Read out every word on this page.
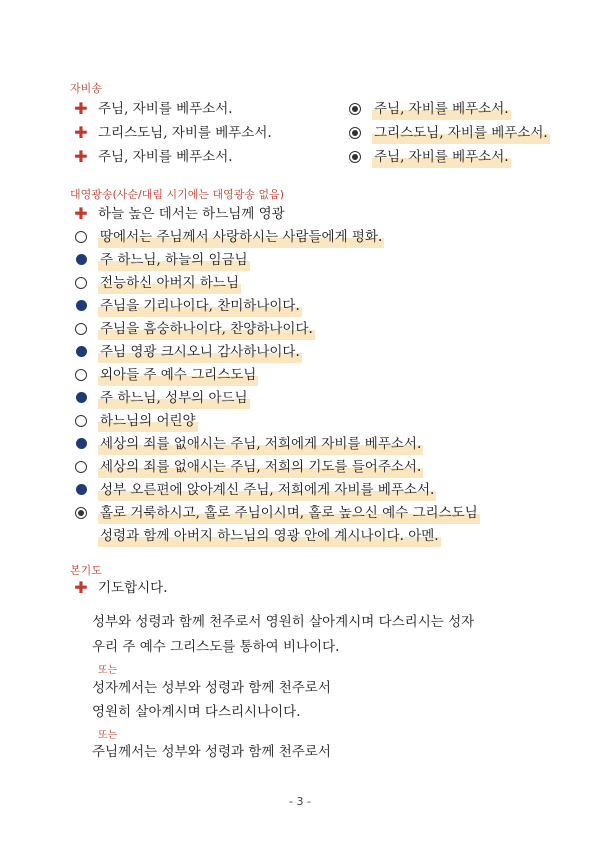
자비송
✚ 주님, 자비를 베푸소서.	주님, 자비를 베푸소서.
✚ 그리스도님, 자비를 베푸소서.	그리스도님, 자비를 베푸소서.
✚ 주님, 자비를 베푸소서.	주님, 자비를 베푸소서.
대영광송(사순/대림 시기에는 대영광송 없음)
✚ 하늘 높은 데서는 하느님께 영광
땅에서는 주님께서 사랑하시는 사람들에게 평화.
주 하느님, 하늘의 임금님
전능하신 아버지 하느님
주님을 기리나이다, 찬미하나이다.
주님을 흠숭하나이다, 찬양하나이다.
주님 영광 크시오니 감사하나이다.
외아들 주 예수 그리스도님
주 하느님, 성부의 아드님
하느님의 어린양
세상의 죄를 없애시는 주님, 저희에게 자비를 베푸소서.
세상의 죄를 없애시는 주님, 저희의 기도를 들어주소서.
성부 오른편에 앉아계신 주님, 저희에게 자비를 베푸소서.
홀로 거룩하시고, 홀로 주님이시며, 홀로 높으신 예수 그리스도님
성령과 함께 아버지 하느님의 영광 안에 계시나이다. 아멘.
본기도
✚ 기도합시다.
성부와 성령과 함께 천주로서 영원히 살아계시며 다스리시는 성자
우리 주 예수 그리스도를 통하여 비나이다.
또는
성자께서는 성부와 성령과 함께 천주로서
영원히 살아계시며 다스리시나이다.
또는
주님께서는 성부와 성령과 함께 천주로서
- 3 -
